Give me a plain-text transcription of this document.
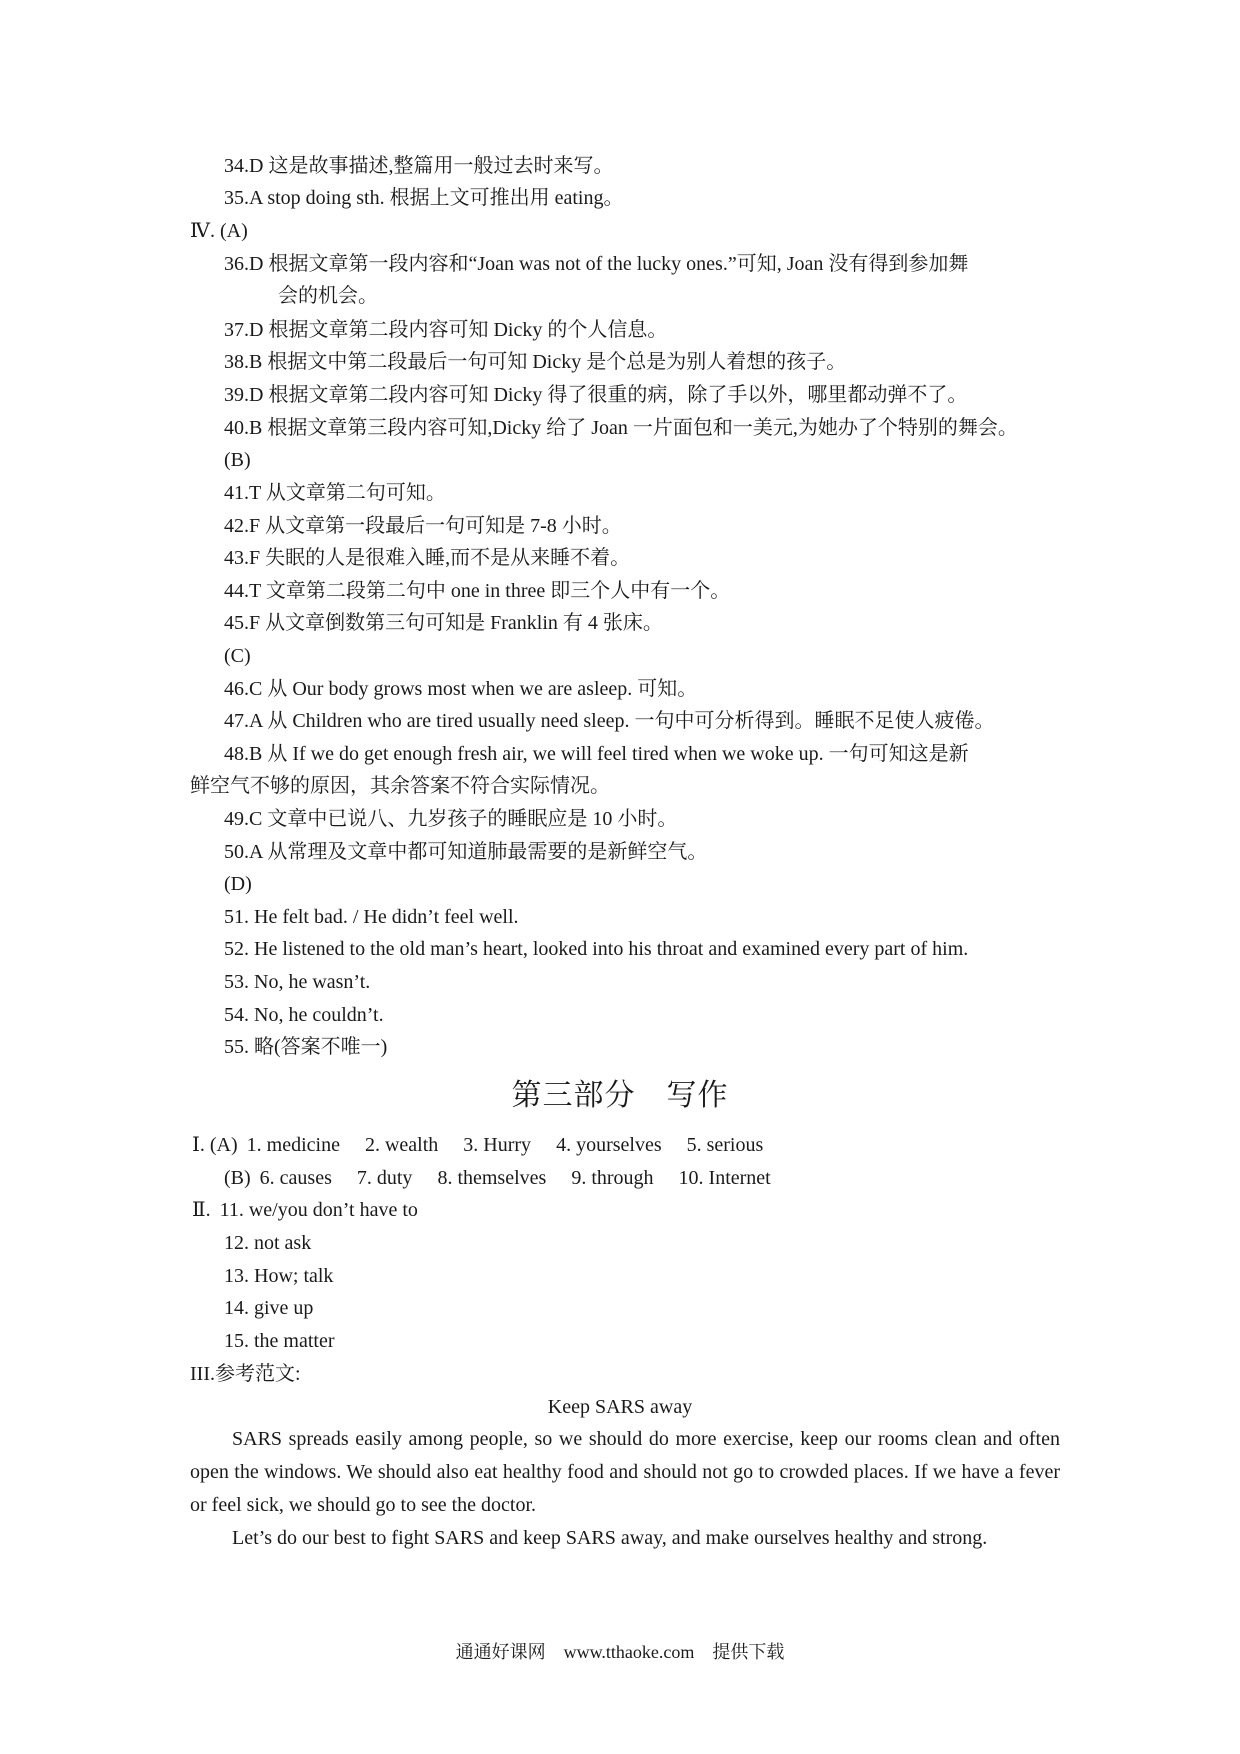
34.D 这是故事描述,整篇用一般过去时来写。
35.A stop doing sth. 根据上文可推出用 eating。
Ⅳ. (A)
36.D 根据文章第一段内容和“Joan was not of the lucky ones.”可知, Joan 没有得到参加舞
会的机会。
37.D 根据文章第二段内容可知 Dicky 的个人信息。
38.B 根据文中第二段最后一句可知 Dicky 是个总是为别人着想的孩子。
39.D 根据文章第二段内容可知 Dicky 得了很重的病，除了手以外，哪里都动弹不了。
40.B 根据文章第三段内容可知,Dicky 给了 Joan 一片面包和一美元,为她办了个特别的舞会。
(B)
41.T 从文章第二句可知。
42.F 从文章第一段最后一句可知是 7-8 小时。
43.F 失眠的人是很难入睡,而不是从来睡不着。
44.T 文章第二段第二句中 one in three 即三个人中有一个。
45.F 从文章倒数第三句可知是 Franklin 有 4 张床。
(C)
46.C 从 Our body grows most when we are asleep. 可知。
47.A 从 Children who are tired usually need sleep. 一句中可分析得到。睡眠不足使人疲倦。
48.B 从 If we do get enough fresh air, we will feel tired when we woke up. 一句可知这是新
鲜空气不够的原因，其余答案不符合实际情况。
49.C 文章中已说八、九岁孩子的睡眠应是 10 小时。
50.A 从常理及文章中都可知道肺最需要的是新鲜空气。
(D)
51. He felt bad. / He didn’t feel well.
52. He listened to the old man’s heart, looked into his throat and examined every part of him.
53. No, he wasn’t.
54. No, he couldn’t.
55. 略(答案不唯一)
第三部分　写作
Ⅰ. (A) 1. medicine 2. wealth 3. Hurry 4. yourselves 5. serious
(B) 6. causes 7. duty 8. themselves 9. through 10. Internet
Ⅱ. 11. we/you don’t have to
12. not ask
13. How; talk
14. give up
15. the matter
III.参考范文:
Keep SARS away
SARS spreads easily among people, so we should do more exercise, keep our rooms clean and often open the windows. We should also eat healthy food and should not go to crowded places. If we have a fever or feel sick, we should go to see the doctor.
Let’s do our best to fight SARS and keep SARS away, and make ourselves healthy and strong.
通通好课网　www.tthaoke.com　提供下载
